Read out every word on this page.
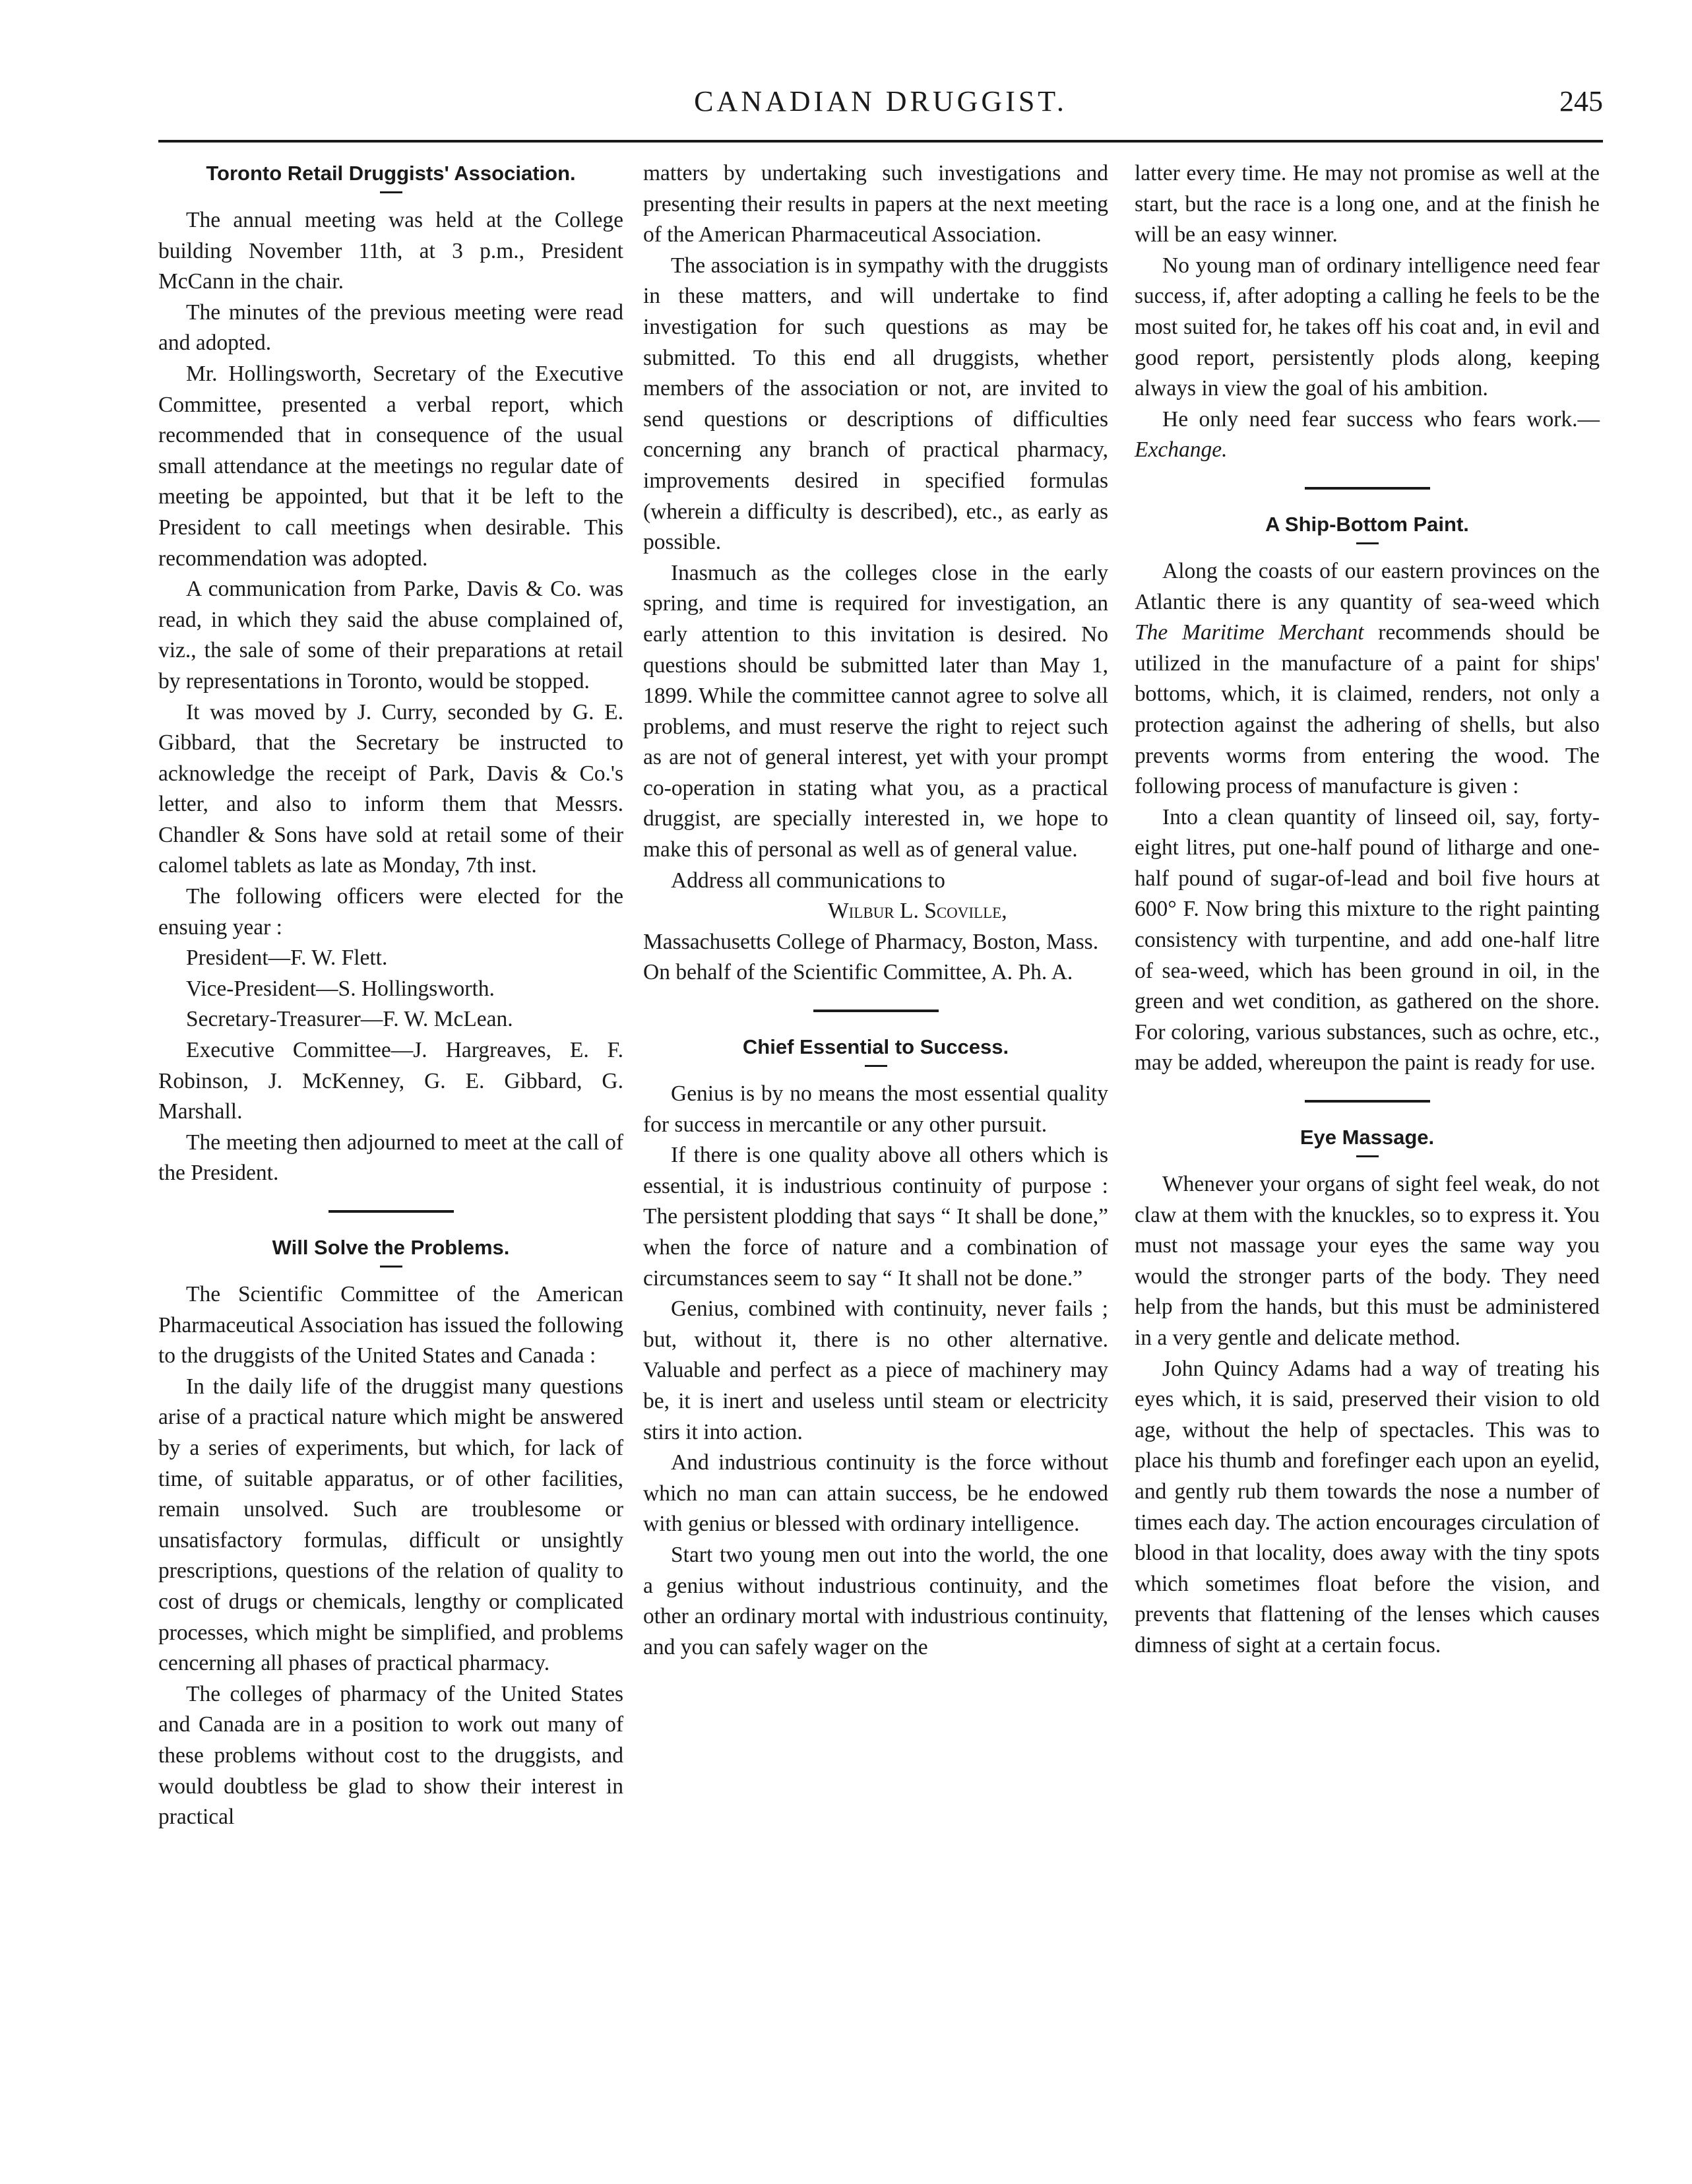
CANADIAN DRUGGIST.	245
Toronto Retail Druggists' Association.

The annual meeting was held at the College building November 11th, at 3 p.m., President McCann in the chair.

The minutes of the previous meeting were read and adopted.

Mr. Hollingsworth, Secretary of the Executive Committee, presented a verbal report, which recommended that in consequence of the usual small attendance at the meetings no regular date of meeting be appointed, but that it be left to the President to call meetings when desirable. This recommendation was adopted.

A communication from Parke, Davis & Co. was read, in which they said the abuse complained of, viz., the sale of some of their preparations at retail by representations in Toronto, would be stopped.

It was moved by J. Curry, seconded by G. E. Gibbard, that the Secretary be instructed to acknowledge the receipt of Park, Davis & Co.'s letter, and also to inform them that Messrs. Chandler & Sons have sold at retail some of their calomel tablets as late as Monday, 7th inst.

The following officers were elected for the ensuing year :

President—F. W. Flett.

Vice-President—S. Hollingsworth.

Secretary-Treasurer—F. W. McLean.

Executive Committee—J. Hargreaves, E. F. Robinson, J. McKenney, G. E. Gibbard, G. Marshall.

The meeting then adjourned to meet at the call of the President.

Will Solve the Problems.

The Scientific Committee of the American Pharmaceutical Association has issued the following to the druggists of the United States and Canada :

In the daily life of the druggist many questions arise of a practical nature which might be answered by a series of experiments, but which, for lack of time, of suitable apparatus, or of other facilities, remain unsolved. Such are troublesome or unsatisfactory formulas, difficult or unsightly prescriptions, questions of the relation of quality to cost of drugs or chemicals, lengthy or complicated processes, which might be simplified, and problems cencerning all phases of practical pharmacy.

The colleges of pharmacy of the United States and Canada are in a position to work out many of these problems without cost to the druggists, and would doubtless be glad to show their interest in practical

matters by undertaking such investigations and presenting their results in papers at the next meeting of the American Pharmaceutical Association.

The association is in sympathy with the druggists in these matters, and will undertake to find investigation for such questions as may be submitted. To this end all druggists, whether members of the association or not, are invited to send questions or descriptions of difficulties concerning any branch of practical pharmacy, improvements desired in specified formulas (wherein a difficulty is described), etc., as early as possible.

Inasmuch as the colleges close in the early spring, and time is required for investigation, an early attention to this invitation is desired. No questions should be submitted later than May 1, 1899. While the committee cannot agree to solve all problems, and must reserve the right to reject such as are not of general interest, yet with your prompt co-operation in stating what you, as a practical druggist, are specially interested in, we hope to make this of personal as well as of general value.

Address all communications to

Wilbur L. Scoville,

Massachusetts College of Pharmacy, Boston, Mass.

On behalf of the Scientific Committee, A. Ph. A.

Chief Essential to Success.

Genius is by no means the most essential quality for success in mercantile or any other pursuit.

If there is one quality above all others which is essential, it is industrious continuity of purpose : The persistent plodding that says “ It shall be done,” when the force of nature and a combination of circumstances seem to say “ It shall not be done.”

Genius, combined with continuity, never fails ; but, without it, there is no other alternative. Valuable and perfect as a piece of machinery may be, it is inert and useless until steam or electricity stirs it into action.

And industrious continuity is the force without which no man can attain success, be he endowed with genius or blessed with ordinary intelligence.

Start two young men out into the world, the one a genius without industrious continuity, and the other an ordinary mortal with industrious continuity, and you can safely wager on the

latter every time. He may not promise as well at the start, but the race is a long one, and at the finish he will be an easy winner.

No young man of ordinary intelligence need fear success, if, after adopting a calling he feels to be the most suited for, he takes off his coat and, in evil and good report, persistently plods along, keeping always in view the goal of his ambition.

He only need fear success who fears work.—Exchange.

A Ship-Bottom Paint.

Along the coasts of our eastern provinces on the Atlantic there is any quantity of sea-weed which The Maritime Merchant recommends should be utilized in the manufacture of a paint for ships' bottoms, which, it is claimed, renders, not only a protection against the adhering of shells, but also prevents worms from entering the wood. The following process of manufacture is given :

Into a clean quantity of linseed oil, say, forty-eight litres, put one-half pound of litharge and one-half pound of sugar-of-lead and boil five hours at 600° F. Now bring this mixture to the right painting consistency with turpentine, and add one-half litre of sea-weed, which has been ground in oil, in the green and wet condition, as gathered on the shore. For coloring, various substances, such as ochre, etc., may be added, whereupon the paint is ready for use.

Eye Massage.

Whenever your organs of sight feel weak, do not claw at them with the knuckles, so to express it. You must not massage your eyes the same way you would the stronger parts of the body. They need help from the hands, but this must be administered in a very gentle and delicate method.

John Quincy Adams had a way of treating his eyes which, it is said, preserved their vision to old age, without the help of spectacles. This was to place his thumb and forefinger each upon an eyelid, and gently rub them towards the nose a number of times each day. The action encourages circulation of blood in that locality, does away with the tiny spots which sometimes float before the vision, and prevents that flattening of the lenses which causes dimness of sight at a certain focus.
